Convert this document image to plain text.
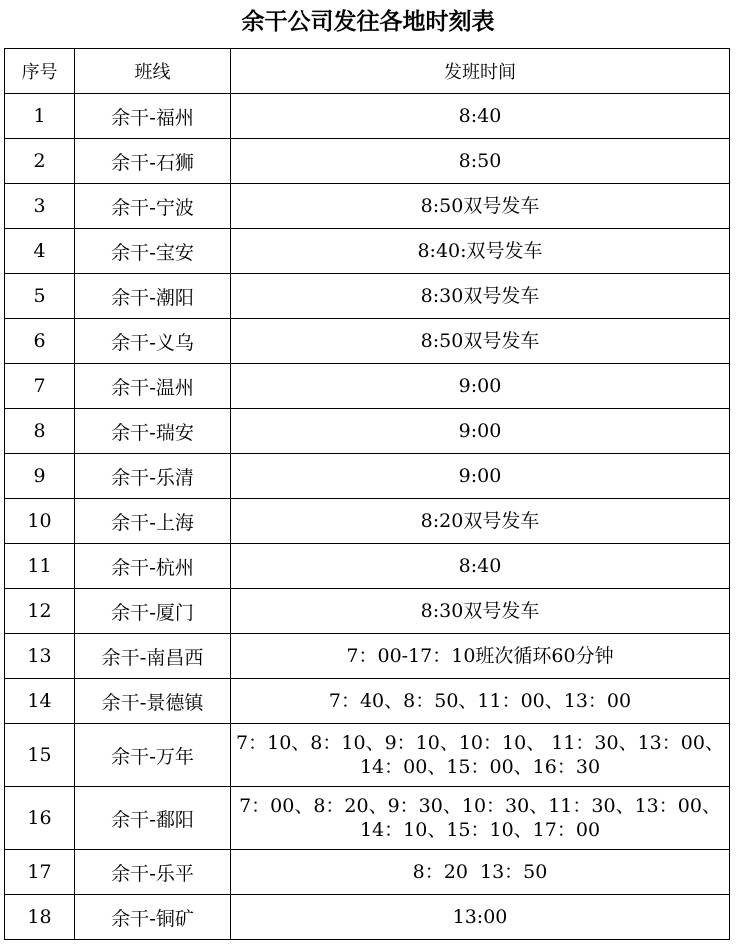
余干公司发往各地时刻表
序号	班线	发班时间
1	余干-福州	8:40
2	余干-石狮	8:50
3	余干-宁波	8:50双号发车
4	余干-宝安	8:40:双号发车
5	余干-潮阳	8:30双号发车
6	余干-义乌	8:50双号发车
7	余干-温州	9:00
8	余干-瑞安	9:00
9	余干-乐清	9:00
10	余干-上海	8:20双号发车
11	余干-杭州	8:40
12	余干-厦门	8:30双号发车
13	余干-南昌西	7：00-17：10班次循环60分钟
14	余干-景德镇	7：40、8：50、11：00、13：00
15	余干-万年	7：10、8：10、9：10、10：10、 11：30、13：00、14：00、15：00、16：30
16	余干-鄱阳	7：00、8：20、9：30、10：30、11：30、13：00、14：10、15：10、17：00
17	余干-乐平	8：20  13：50
18	余干-铜矿	13:00
